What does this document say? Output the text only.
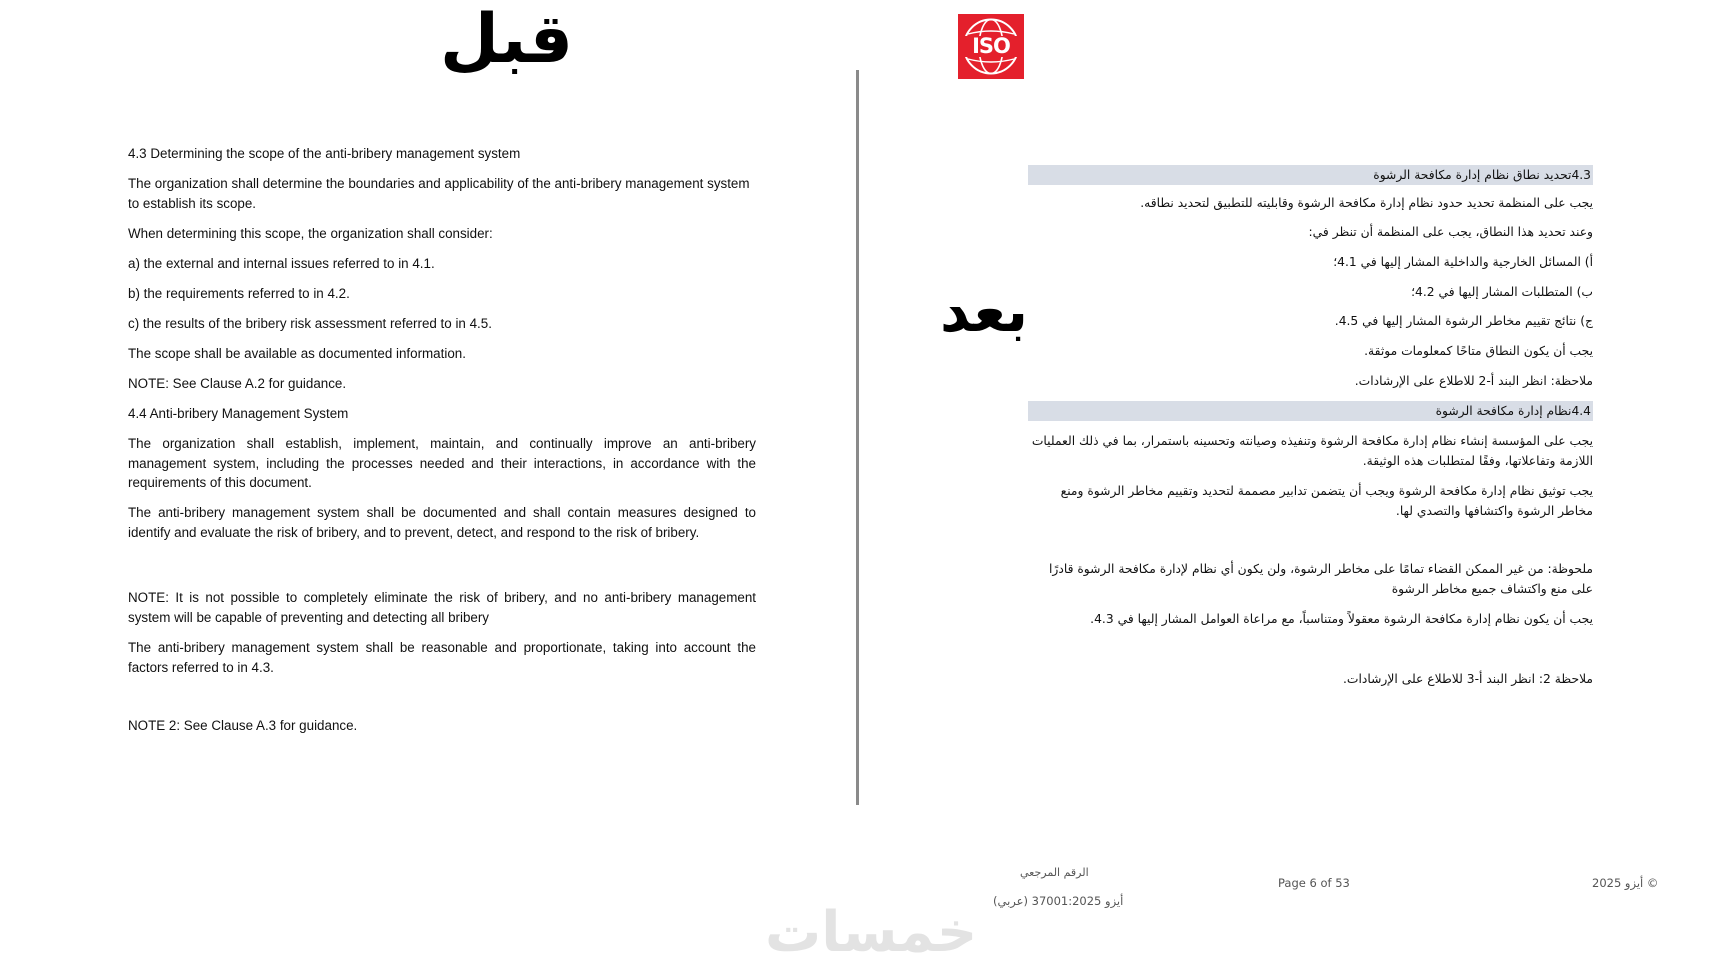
قبل
بعد
ISO

4.3 Determining the scope of the anti-bribery management system

The organization shall determine the boundaries and applicability of the anti-bribery management system to establish its scope.

When determining this scope, the organization shall consider:

a) the external and internal issues referred to in 4.1.

b) the requirements referred to in 4.2.

c) the results of the bribery risk assessment referred to in 4.5.

The scope shall be available as documented information.

NOTE: See Clause A.2 for guidance.

4.4 Anti-bribery Management System

The organization shall establish, implement, maintain, and continually improve an anti-bribery management system, including the processes needed and their interactions, in accordance with the requirements of this document.

The anti-bribery management system shall be documented and shall contain measures designed to identify and evaluate the risk of bribery, and to prevent, detect, and respond to the risk of bribery.

NOTE: It is not possible to completely eliminate the risk of bribery, and no anti-bribery management system will be capable of preventing and detecting all bribery

The anti-bribery management system shall be reasonable and proportionate, taking into account the factors referred to in 4.3.

NOTE 2: See Clause A.3 for guidance.

4.3تحديد نطاق نظام إدارة مكافحة الرشوة

يجب على المنظمة تحديد حدود نظام إدارة مكافحة الرشوة وقابليته للتطبيق لتحديد نطاقه.

وعند تحديد هذا النطاق، يجب على المنظمة أن تنظر في:

أ) المسائل الخارجية والداخلية المشار إليها في 4.1؛

ب) المتطلبات المشار إليها في 4.2؛

ج) نتائج تقييم مخاطر الرشوة المشار إليها في 4.5.

يجب أن يكون النطاق متاحًا كمعلومات موثقة.

ملاحظة: انظر البند أ-2 للاطلاع على الإرشادات.

4.4نظام إدارة مكافحة الرشوة

يجب على المؤسسة إنشاء نظام إدارة مكافحة الرشوة وتنفيذه وصيانته وتحسينه باستمرار، بما في ذلك العمليات اللازمة وتفاعلاتها، وفقًا لمتطلبات هذه الوثيقة.

يجب توثيق نظام إدارة مكافحة الرشوة ويجب أن يتضمن تدابير مصممة لتحديد وتقييم مخاطر الرشوة ومنع مخاطر الرشوة واكتشافها والتصدي لها.

ملحوظة: من غير الممكن القضاء تمامًا على مخاطر الرشوة، ولن يكون أي نظام لإدارة مكافحة الرشوة قادرًا على منع واكتشاف جميع مخاطر الرشوة

يجب أن يكون نظام إدارة مكافحة الرشوة معقولاً ومتناسباً، مع مراعاة العوامل المشار إليها في 4.3.

ملاحظة 2: انظر البند أ-3 للاطلاع على الإرشادات.

الرقم المرجعي
أيزو 37001:2025 (عربي)
Page 6 of 53	© أيزو 2025
خمسات
